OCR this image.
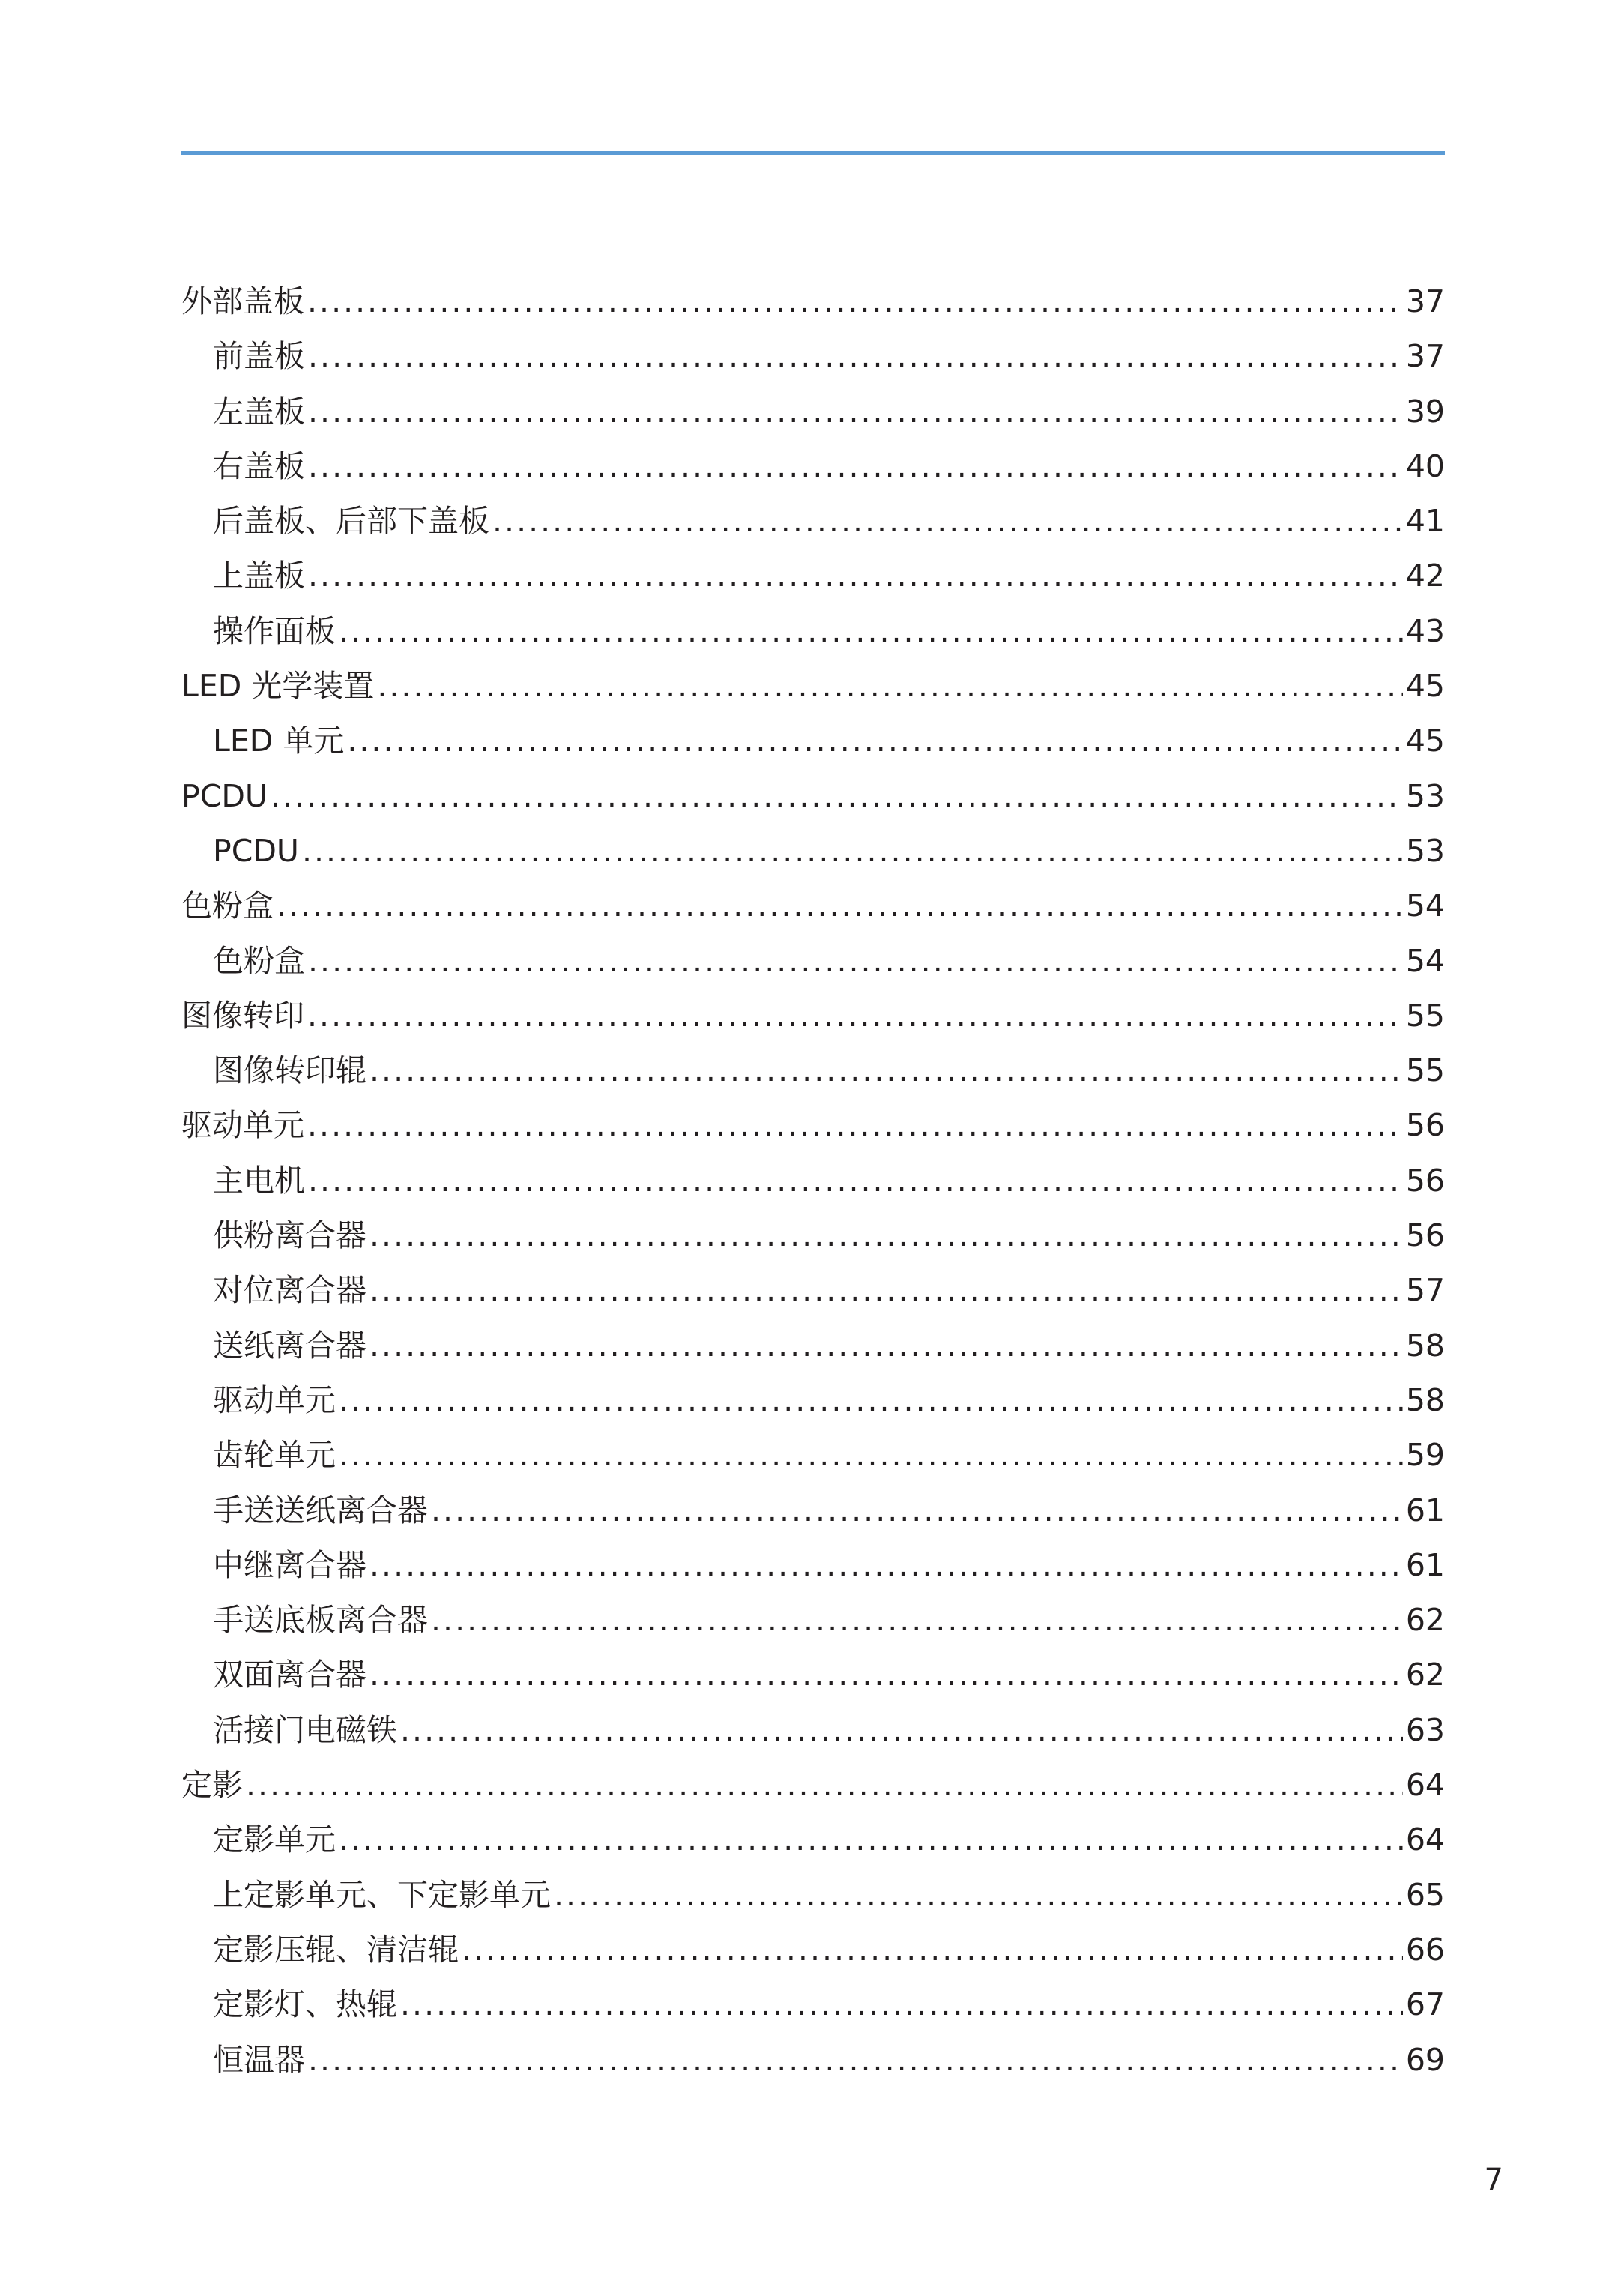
外部盖板 .....	37
前盖板 .....	37
左盖板 .....	39
右盖板 .....	40
后盖板、后部下盖板 .....	41
上盖板 .....	42
操作面板 .....	43
LED 光学装置 .....	45
LED 单元 .....	45
PCDU .....	53
PCDU .....	53
色粉盒 .....	54
色粉盒 .....	54
图像转印 .....	55
图像转印辊 .....	55
驱动单元 .....	56
主电机 .....	56
供粉离合器 .....	56
对位离合器 .....	57
送纸离合器 .....	58
驱动单元 .....	58
齿轮单元 .....	59
手送送纸离合器 .....	61
中继离合器 .....	61
手送底板离合器 .....	62
双面离合器 .....	62
活接门电磁铁 .....	63
定影 .....	64
定影单元 .....	64
上定影单元、下定影单元 .....	65
定影压辊、清洁辊 .....	66
定影灯、热辊 .....	67
恒温器 .....	69
7
